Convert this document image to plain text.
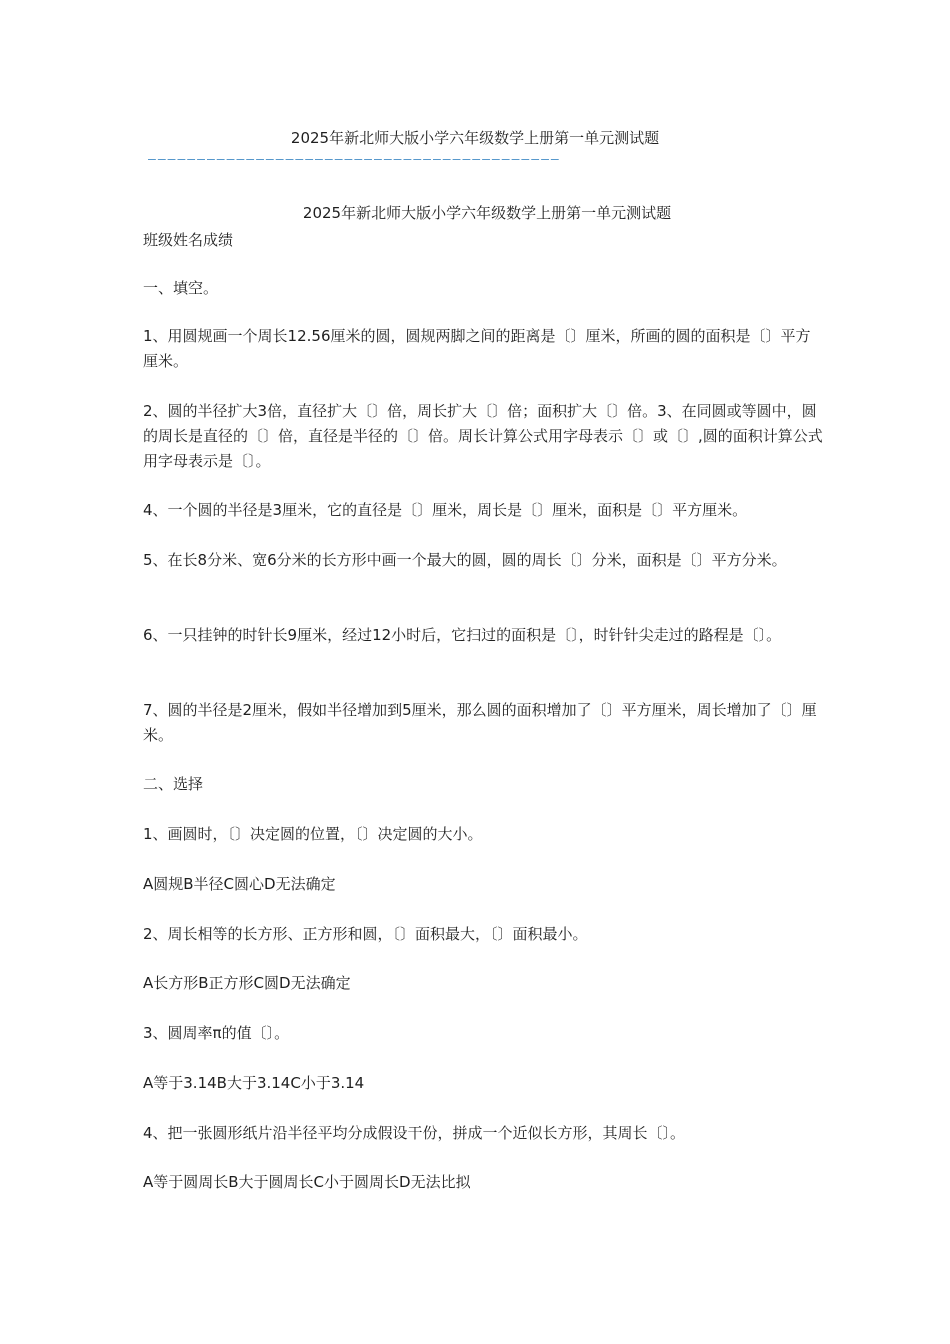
2025年新北师大版小学六年级数学上册第一单元测试题
——————————————————————————————————————————
2025年新北师大版小学六年级数学上册第一单元测试题

班级姓名成绩

一、填空。

1、用圆规画一个周长12.56厘米的圆，圆规两脚之间的距离是〔〕厘米，所画的圆的面积是〔〕平方厘米。

2、圆的半径扩大3倍，直径扩大〔〕倍，周长扩大〔〕倍；面积扩大〔〕倍。3、在同圆或等圆中，圆的周长是直径的〔〕倍，直径是半径的〔〕倍。周长计算公式用字母表示〔〕或〔〕,圆的面积计算公式用字母表示是〔〕。

4、一个圆的半径是3厘米，它的直径是〔〕厘米，周长是〔〕厘米，面积是〔〕平方厘米。

5、在长8分米、宽6分米的长方形中画一个最大的圆，圆的周长〔〕分米，面积是〔〕平方分米。

6、一只挂钟的时针长9厘米，经过12小时后，它扫过的面积是〔〕，时针针尖走过的路程是〔〕。

7、圆的半径是2厘米，假如半径增加到5厘米，那么圆的面积增加了〔〕平方厘米，周长增加了〔〕厘米。

二、选择

1、画圆时，〔〕决定圆的位置，〔〕决定圆的大小。

A圆规B半径C圆心D无法确定

2、周长相等的长方形、正方形和圆，〔〕面积最大，〔〕面积最小。

A长方形B正方形C圆D无法确定

3、圆周率π的值〔〕。

A等于3.14B大于3.14C小于3.14

4、把一张圆形纸片沿半径平均分成假设干份，拼成一个近似长方形，其周长〔〕。

A等于圆周长B大于圆周长C小于圆周长D无法比拟
